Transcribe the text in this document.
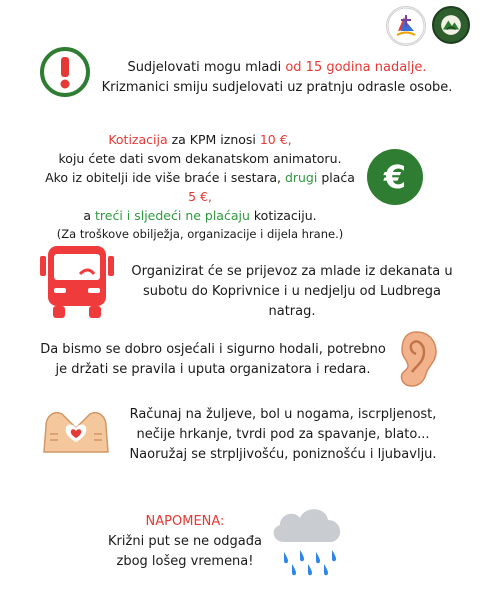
Sudjelovati mogu mladi od 15 godina nadalje.
Krizmanici smiju sudjelovati uz pratnju odrasle osobe.
Kotizacija za KPM iznosi 10 €,
koju ćete dati svom dekanatskom animatoru.
Ako iz obitelji ide više braće i sestara, drugi plaća 5 €,
a treći i sljedeći ne plaćaju kotizaciju.
(Za troškove obilježja, organizacije i dijela hrane.)
€
Organizirat će se prijevoz za mlade iz dekanata u
subotu do Koprivnice i u nedjelju od Ludbrega
natrag.
Da bismo se dobro osjećali i sigurno hodali, potrebno
je držati se pravila i uputa organizatora i redara.
Računaj na žuljeve, bol u nogama, iscrpljenost,
nečije hrkanje, tvrdi pod za spavanje, blato...
Naoružaj se strpljivošću, poniznošću i ljubavlju.
NAPOMENA:
Križni put se ne odgađa
zbog lošeg vremena!
